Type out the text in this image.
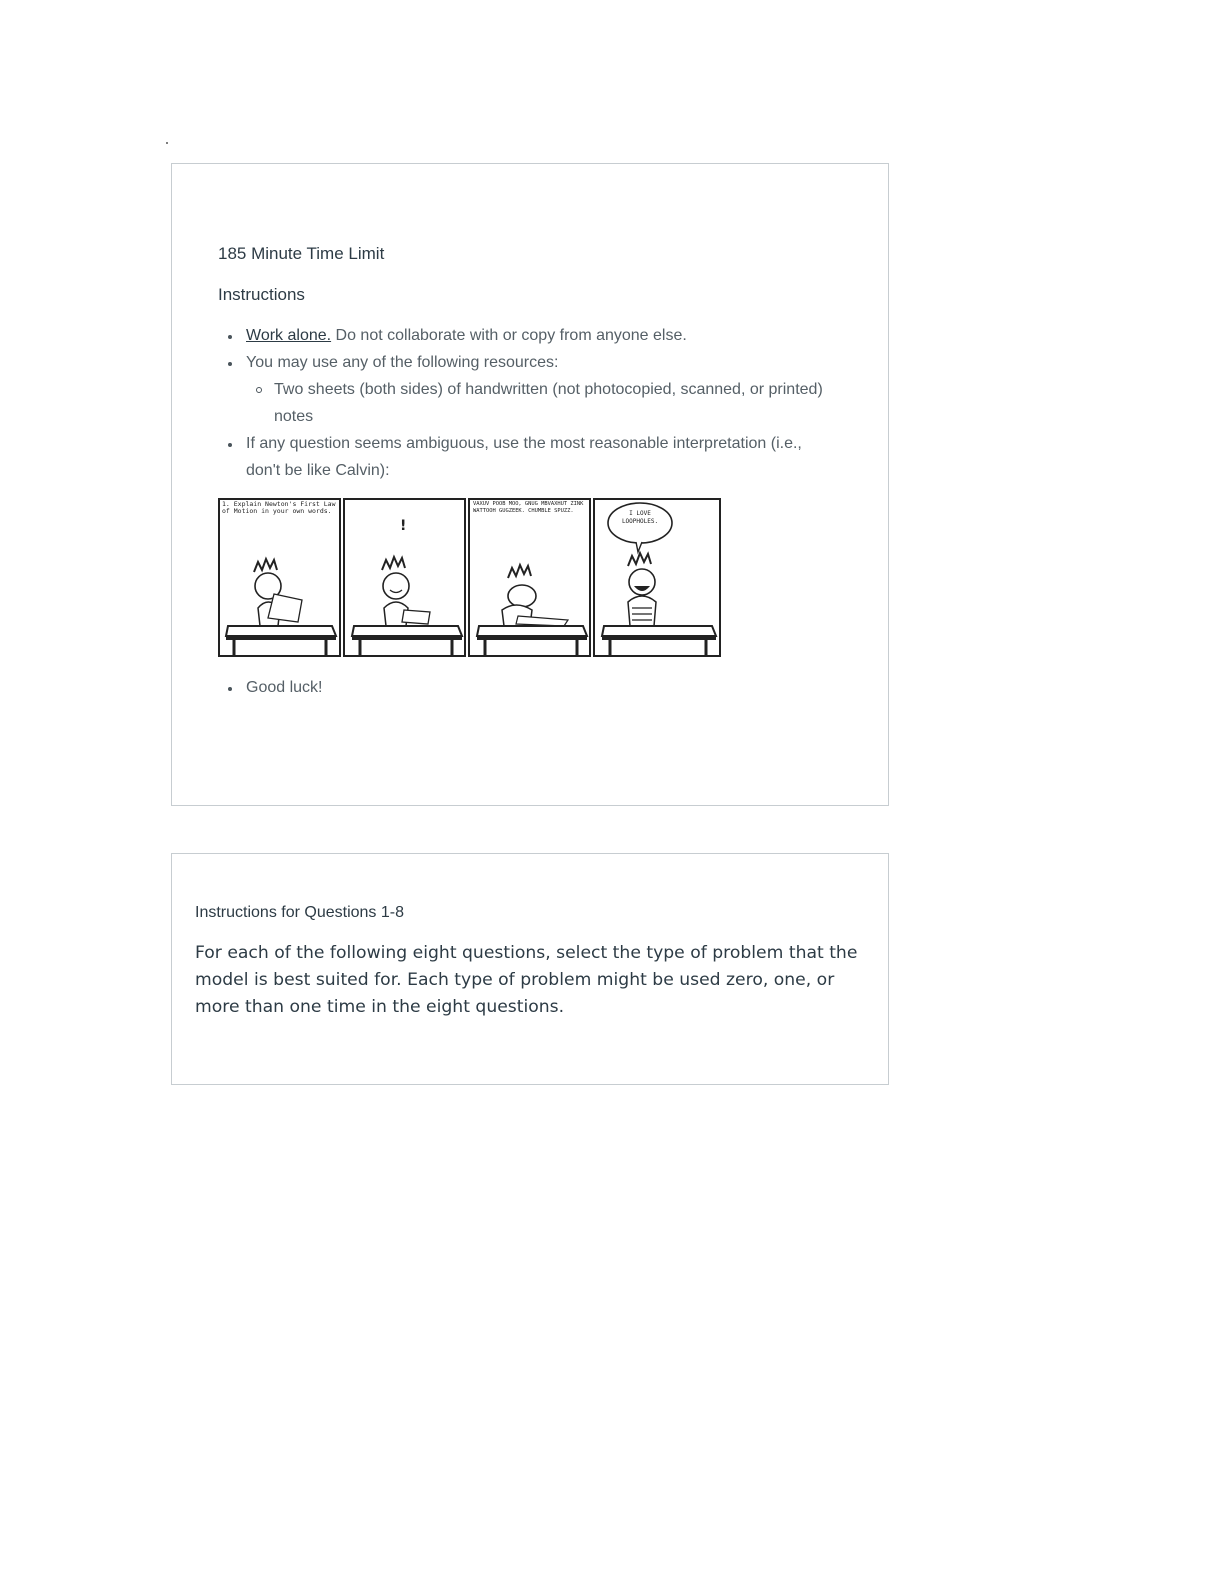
185 Minute Time Limit

Instructions

Work alone. Do not collaborate with or copy from anyone else.
You may use any of the following resources:
Two sheets (both sides) of handwritten (not photocopied, scanned, or printed) notes
If any question seems ambiguous, use the most reasonable interpretation (i.e., don't be like Calvin):
1. Explain Newton's First Law of Motion in your own words.
!
VAXUV POOB MOO, GNUG MBVAXHUT ZINK WATTOOH GUGZEEK. CHUMBLE SPUZZ.	I LOVE LOOPHOLES.
Good luck!

Instructions for Questions 1-8

For each of the following eight questions, select the type of problem that the model is best suited for. Each type of problem might be used zero, one, or more than one time in the eight questions.
